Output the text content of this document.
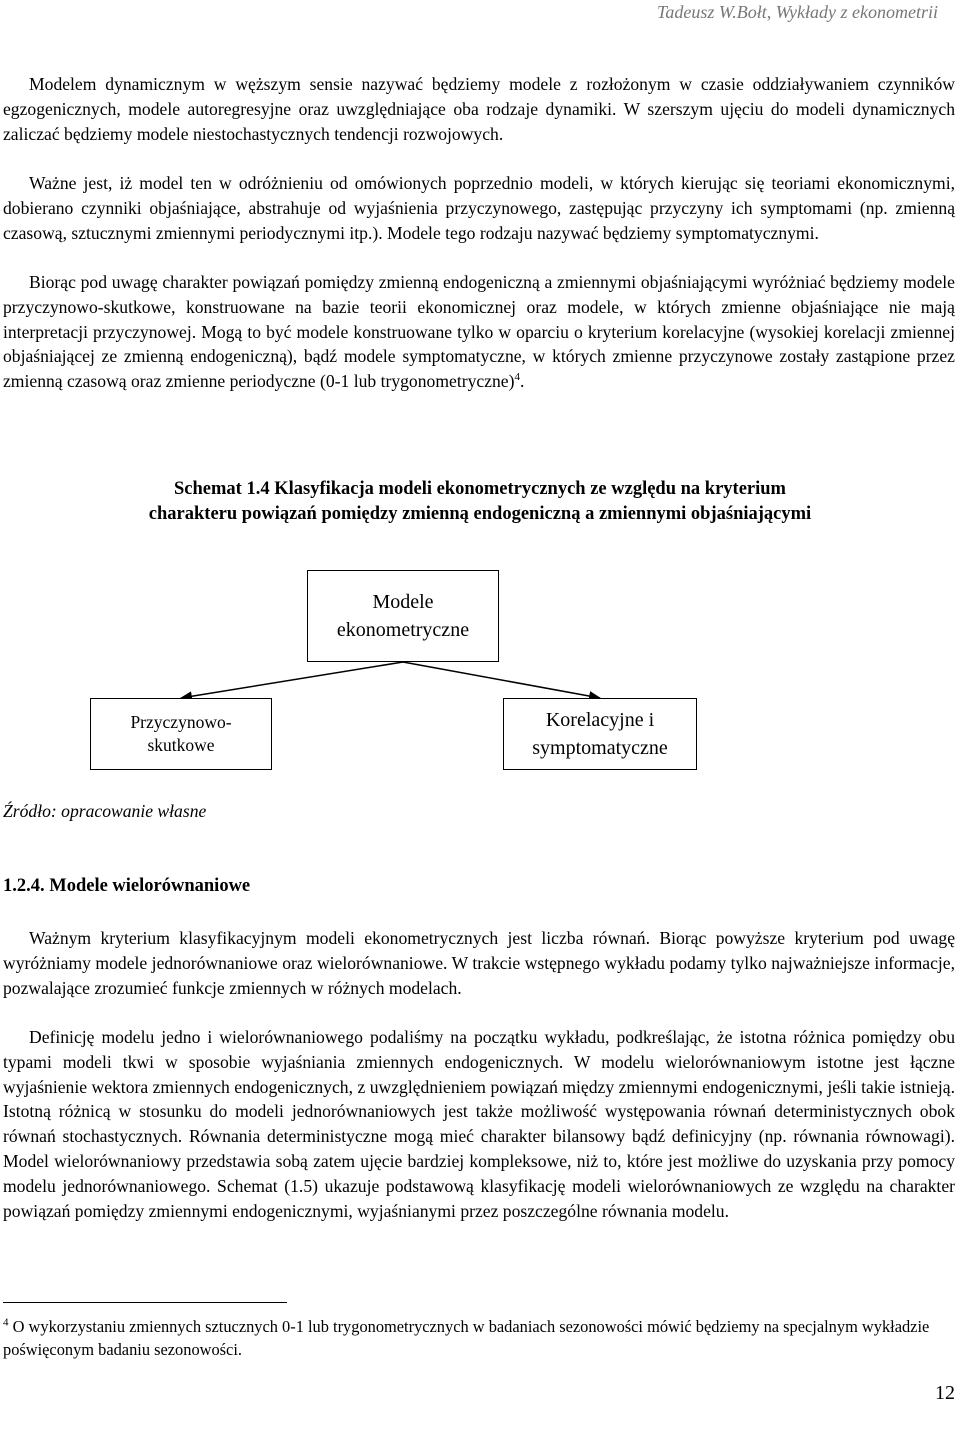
Tadeusz W.Bołt, Wykłady z ekonometrii

Modelem dynamicznym w węższym sensie nazywać będziemy modele z rozłożonym w czasie oddziaływaniem czynników egzogenicznych, modele autoregresyjne oraz uwzględniające oba rodzaje dynamiki. W szerszym ujęciu do modeli dynamicznych zaliczać będziemy modele niestochastycznych tendencji rozwojowych.

Ważne jest, iż model ten w odróżnieniu od omówionych poprzednio modeli, w których kierując się teoriami ekonomicznymi, dobierano czynniki objaśniające, abstrahuje od wyjaśnienia przyczynowego, zastępując przyczyny ich symptomami (np. zmienną czasową, sztucznymi zmiennymi periodycznymi itp.). Modele tego rodzaju nazywać będziemy symptomatycznymi.

Biorąc pod uwagę charakter powiązań pomiędzy zmienną endogeniczną a zmiennymi objaśniającymi wyróżniać będziemy modele przyczynowo-skutkowe, konstruowane na bazie teorii ekonomicznej oraz modele, w których zmienne objaśniające nie mają interpretacji przyczynowej. Mogą to być modele konstruowane tylko w oparciu o kryterium korelacyjne (wysokiej korelacji zmiennej objaśniającej ze zmienną endogeniczną), bądź modele symptomatyczne, w których zmienne przyczynowe zostały zastąpione przez zmienną czasową oraz zmienne periodyczne (0-1 lub trygonometryczne)$^4$.

Schemat 1.4 Klasyfikacja modeli ekonometrycznych ze względu na kryterium
charakteru powiązań pomiędzy zmienną endogeniczną a zmiennymi objaśniającymi
Modele
ekonometryczne
Przyczynowo-
skutkowe
Korelacyjne i
symptomatyczne
Źródło: opracowanie własne
1.2.4. Modele wielorównaniowe

Ważnym kryterium klasyfikacyjnym modeli ekonometrycznych jest liczba równań. Biorąc powyższe kryterium pod uwagę wyróżniamy modele jednorównaniowe oraz wielorównaniowe. W trakcie wstępnego wykładu podamy tylko najważniejsze informacje, pozwalające zrozumieć funkcje zmiennych w różnych modelach.

Definicję modelu jedno i wielorównaniowego podaliśmy na początku wykładu, podkreślając, że istotna różnica pomiędzy obu typami modeli tkwi w sposobie wyjaśniania zmiennych endogenicznych. W modelu wielorównaniowym istotne jest łączne wyjaśnienie wektora zmiennych endogenicznych, z uwzględnieniem powiązań między zmiennymi endogenicznymi, jeśli takie istnieją. Istotną różnicą w stosunku do modeli jednorównaniowych jest także możliwość występowania równań deterministycznych obok równań stochastycznych. Równania deterministyczne mogą mieć charakter bilansowy bądź definicyjny (np. równania równowagi). Model wielorównaniowy przedstawia sobą zatem ujęcie bardziej kompleksowe, niż to, które jest możliwe do uzyskania przy pomocy modelu jednorównaniowego. Schemat (1.5) ukazuje podstawową klasyfikację modeli wielorównaniowych ze względu na charakter powiązań pomiędzy zmiennymi endogenicznymi, wyjaśnianymi przez poszczególne równania modelu.

$^4$ O wykorzystaniu zmiennych sztucznych 0-1 lub trygonometrycznych w badaniach sezonowości mówić będziemy na specjalnym wykładzie poświęconym badaniu sezonowości.

12
